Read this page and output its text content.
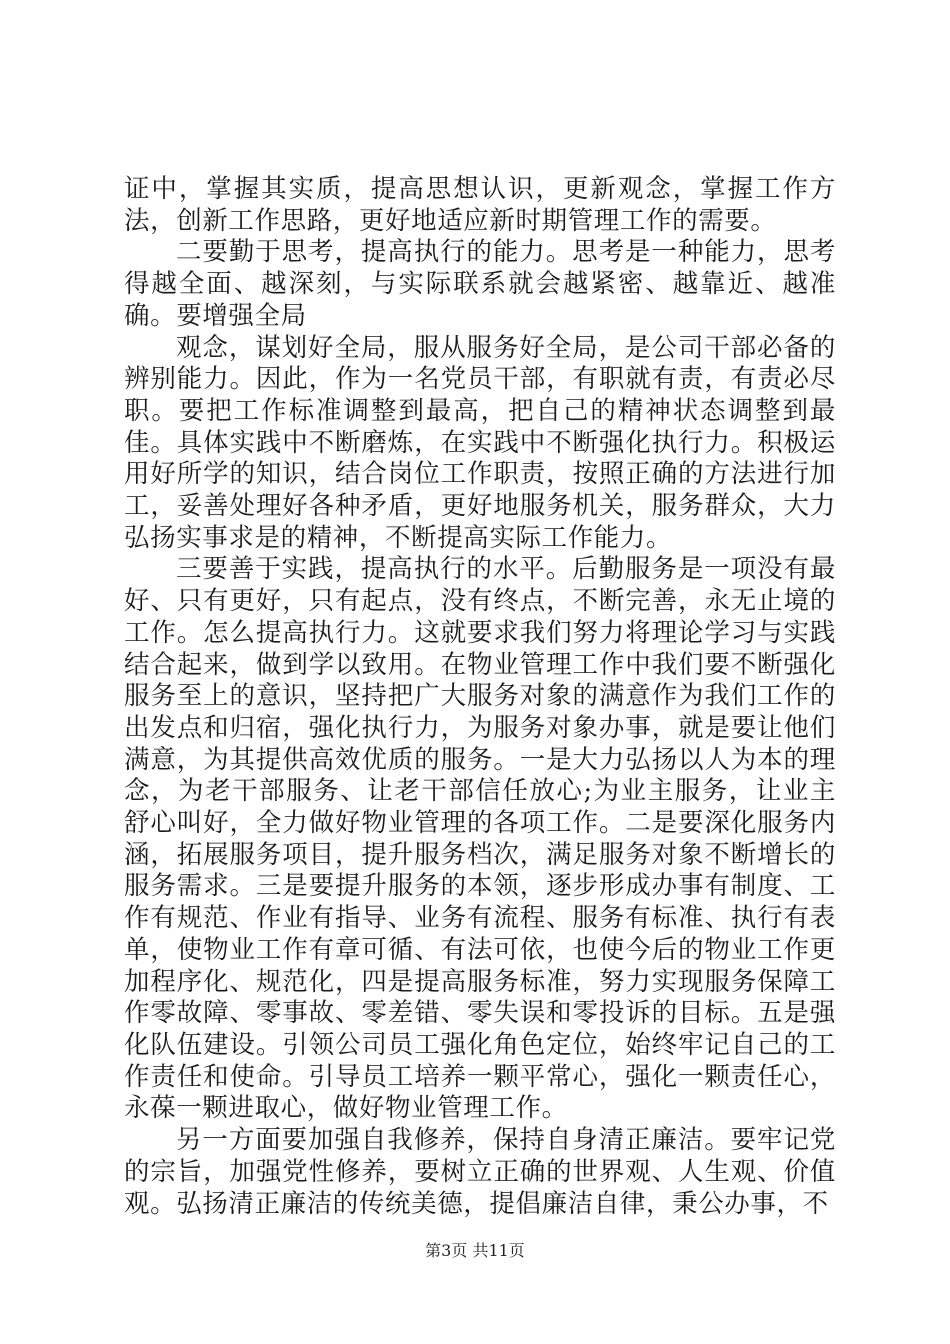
证中，掌握其实质，提高思想认识，更新观念，掌握工作方法，创新工作思路，更好地适应新时期管理工作的需要。

二要勤于思考，提高执行的能力。思考是一种能力，思考得越全面、越深刻，与实际联系就会越紧密、越靠近、越准确。要增强全局

观念，谋划好全局，服从服务好全局，是公司干部必备的辨别能力。因此，作为一名党员干部，有职就有责，有责必尽职。要把工作标准调整到最高，把自己的精神状态调整到最佳。具体实践中不断磨炼，在实践中不断强化执行力。积极运用好所学的知识，结合岗位工作职责，按照正确的方法进行加工，妥善处理好各种矛盾，更好地服务机关，服务群众，大力弘扬实事求是的精神，不断提高实际工作能力。

三要善于实践，提高执行的水平。后勤服务是一项没有最好、只有更好，只有起点，没有终点，不断完善，永无止境的工作。怎么提高执行力。这就要求我们努力将理论学习与实践结合起来，做到学以致用。在物业管理工作中我们要不断强化服务至上的意识，坚持把广大服务对象的满意作为我们工作的出发点和归宿，强化执行力，为服务对象办事，就是要让他们满意，为其提供高效优质的服务。一是大力弘扬以人为本的理念，为老干部服务、让老干部信任放心;为业主服务，让业主舒心叫好，全力做好物业管理的各项工作。二是要深化服务内涵，拓展服务项目，提升服务档次，满足服务对象不断增长的服务需求。三是要提升服务的本领，逐步形成办事有制度、工作有规范、作业有指导、业务有流程、服务有标准、执行有表单，使物业工作有章可循、有法可依，也使今后的物业工作更加程序化、规范化，四是提高服务标准，努力实现服务保障工作零故障、零事故、零差错、零失误和零投诉的目标。五是强化队伍建设。引领公司员工强化角色定位，始终牢记自己的工作责任和使命。引导员工培养一颗平常心，强化一颗责任心，永葆一颗进取心，做好物业管理工作。

另一方面要加强自我修养，保持自身清正廉洁。要牢记党的宗旨，加强党性修养，要树立正确的世界观、人生观、价值观。弘扬清正廉洁的传统美德，提倡廉洁自律，秉公办事，不

第3页 共11页
